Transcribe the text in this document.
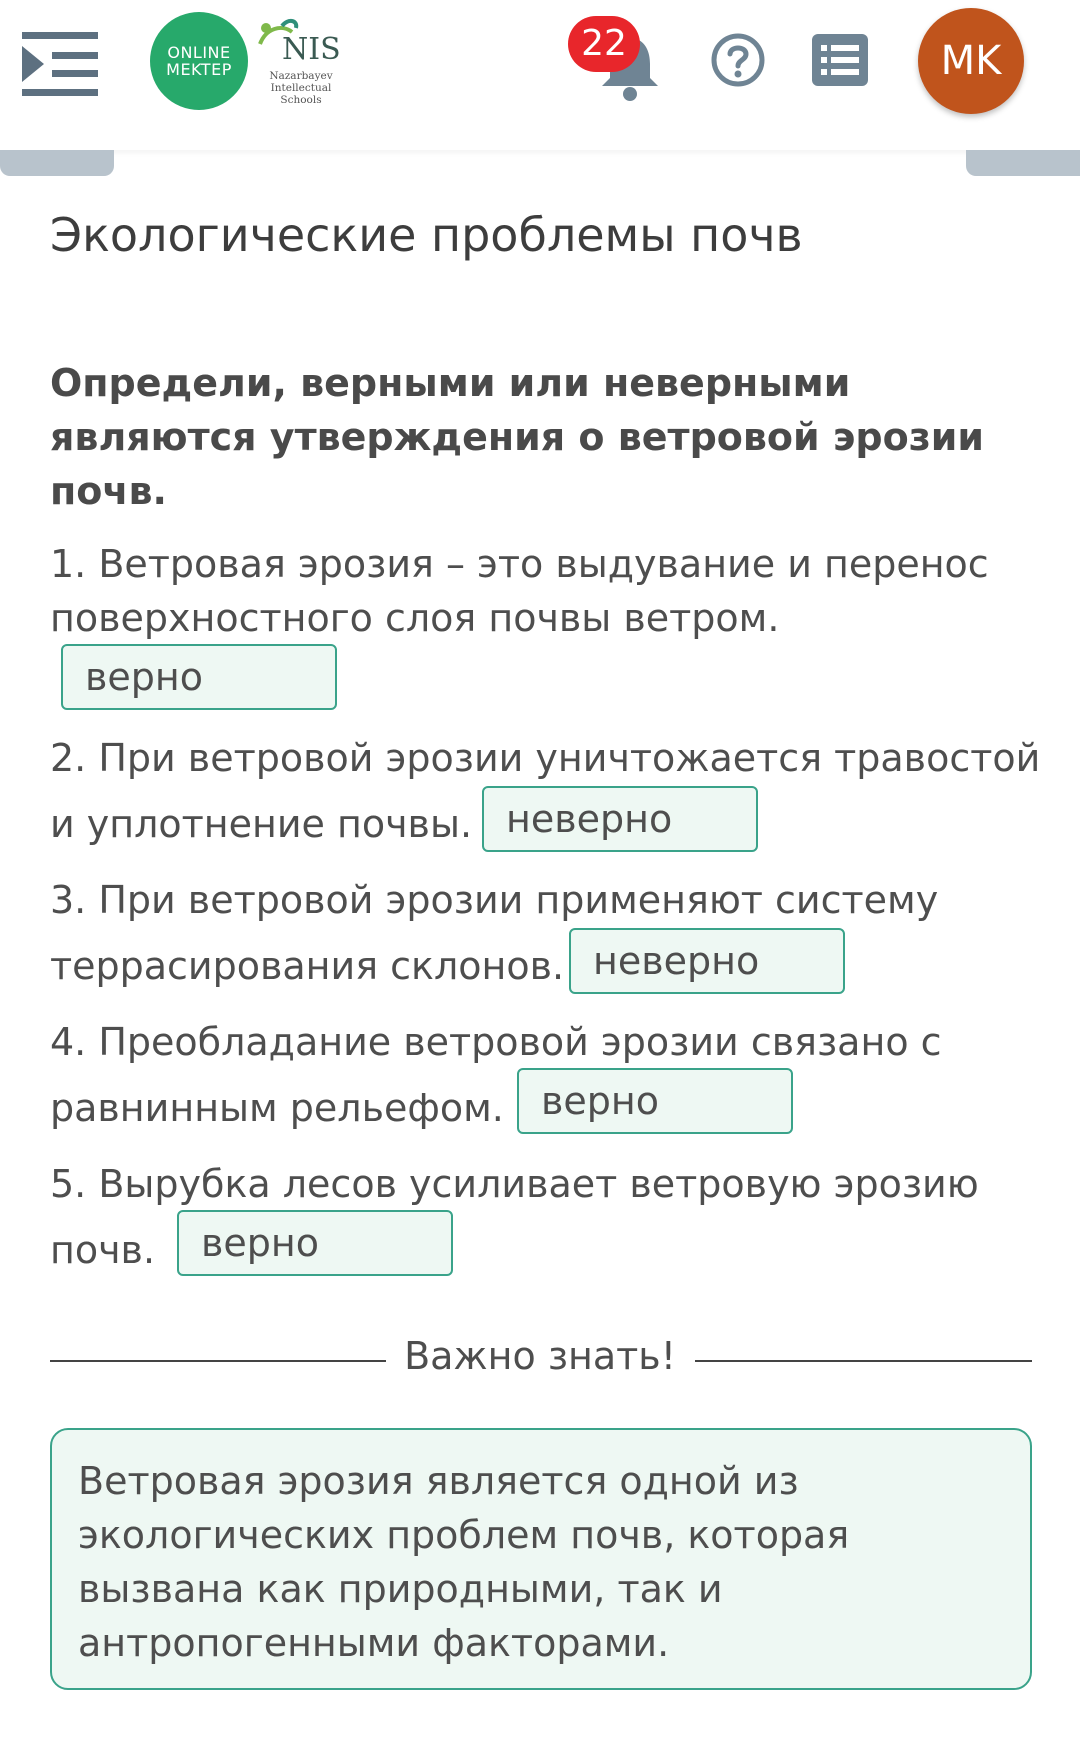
ONLINE
MEKTEP
NIS
Nazarbayev Intellectual Schools
22	MK
Экологические проблемы почв
Определи, верными или неверными являются утверждения о ветровой эрозии почв.
1. Ветровая эрозия – это выдувание и перенос
поверхностного слоя почвы ветром.
верно
2. При ветровой эрозии уничтожается травостой
и уплотнение почвы. неверно
3. При ветровой эрозии применяют систему
террасирования склонов. неверно
4. Преобладание ветровой эрозии связано с
равнинным рельефом. верно
5. Вырубка лесов усиливает ветровую эрозию
почв.	верно
Важно знать!
Ветровая эрозия является одной из экологических проблем почв, которая вызвана как природными, так и антропогенными факторами.
